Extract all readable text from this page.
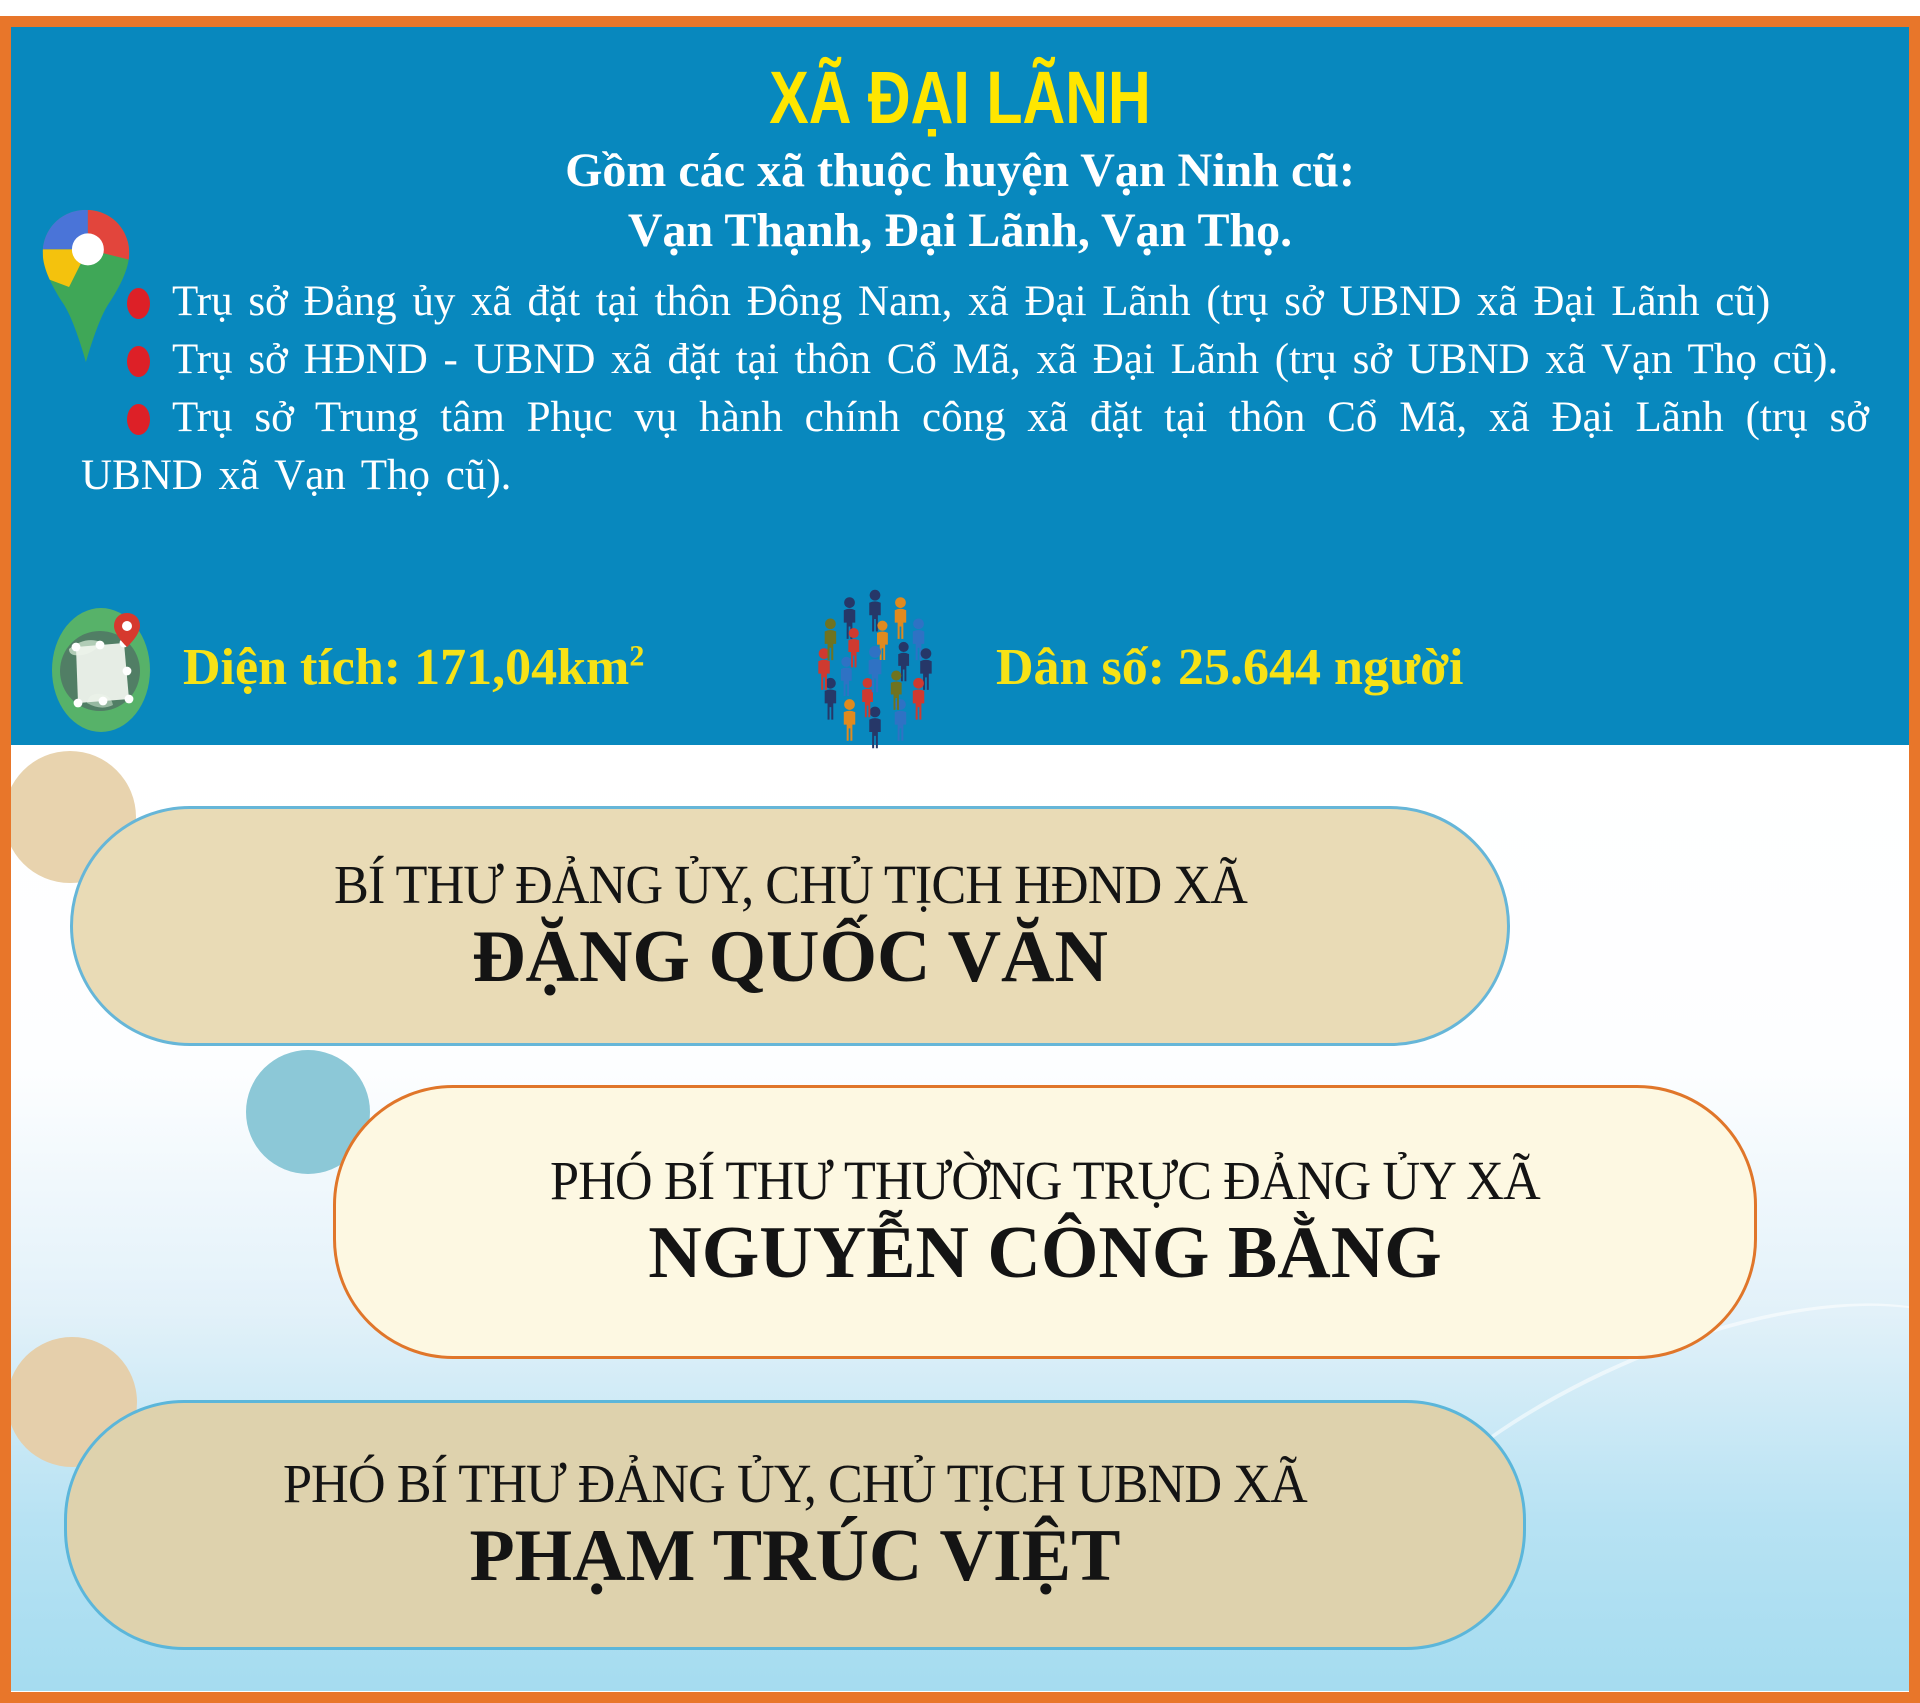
XÃ ĐẠI LÃNH
Gồm các xã thuộc huyện Vạn Ninh cũ:
Vạn Thạnh, Đại Lãnh, Vạn Thọ.

Trụ sở Đảng ủy xã đặt tại thôn Đông Nam, xã Đại Lãnh (trụ sở UBND xã Đại Lãnh cũ)

Trụ sở HĐND - UBND xã đặt tại thôn Cổ Mã, xã Đại Lãnh (trụ sở UBND xã Vạn Thọ cũ).

Trụ sở Trung tâm Phục vụ hành chính công xã đặt tại thôn Cổ Mã, xã Đại Lãnh (trụ sở UBND xã Vạn Thọ cũ).

Diện tích: $171,04km^2$	Dân số: 25.644 người
BÍ THƯ ĐẢNG ỦY, CHỦ TỊCH HĐND XÃ
ĐẶNG QUỐC VĂN
PHÓ BÍ THƯ THƯỜNG TRỰC ĐẢNG ỦY XÃ
NGUYỄN CÔNG BẰNG
PHÓ BÍ THƯ ĐẢNG ỦY, CHỦ TỊCH UBND XÃ
PHẠM TRÚC VIỆT
